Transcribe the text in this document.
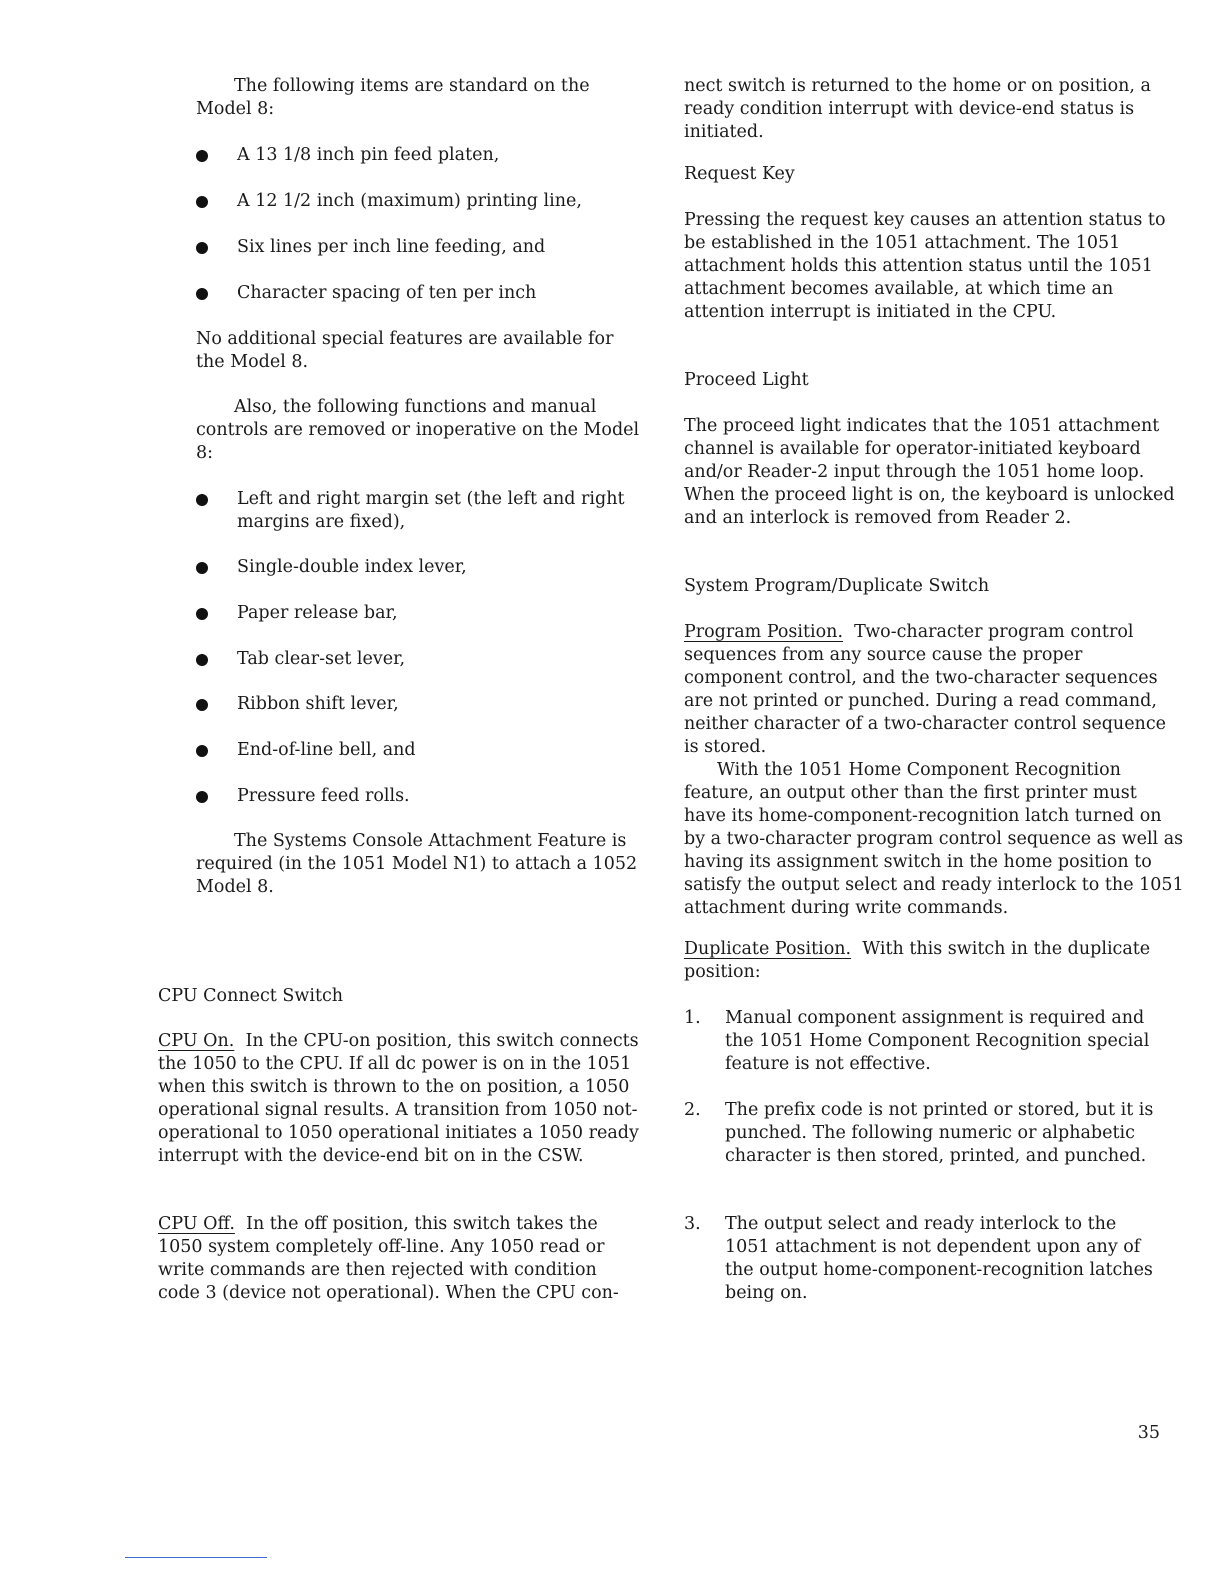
The following items are standard on the Model 8:

A 13 1/8 inch pin feed platen,
A 12 1/2 inch (maximum) printing line,
Six lines per inch line feeding, and
Character spacing of ten per inch

No additional special features are available for the Model 8.

Also, the following functions and manual controls are removed or inoperative on the Model 8:

Left and right margin set (the left and right margins are fixed),
Single-double index lever,
Paper release bar,
Tab clear-set lever,
Ribbon shift lever,
End-of-line bell, and
Pressure feed rolls.

The Systems Console Attachment Feature is required (in the 1051 Model N1) to attach a 1052 Model 8.

CPU Connect Switch

CPU On. In the CPU-on position, this switch connects the 1050 to the CPU. If all dc power is on in the 1051 when this switch is thrown to the on position, a 1050 operational signal results. A transition from 1050 not-operational to 1050 operational initiates a 1050 ready interrupt with the device-end bit on in the CSW.

CPU Off. In the off position, this switch takes the 1050 system completely off-line. Any 1050 read or write commands are then rejected with condition code 3 (device not operational). When the CPU con-

nect switch is returned to the home or on position, a ready condition interrupt with device-end status is initiated.

Request Key

Pressing the request key causes an attention status to be established in the 1051 attachment. The 1051 attachment holds this attention status until the 1051 attachment becomes available, at which time an attention interrupt is initiated in the CPU.

Proceed Light

The proceed light indicates that the 1051 attachment channel is available for operator-initiated keyboard and/or Reader-2 input through the 1051 home loop. When the proceed light is on, the keyboard is unlocked and an interlock is removed from Reader 2.

System Program/Duplicate Switch

Program Position. Two-character program control sequences from any source cause the proper component control, and the two-character sequences are not printed or punched. During a read command, neither character of a two-character control sequence is stored.

With the 1051 Home Component Recognition feature, an output other than the first printer must have its home-component-recognition latch turned on by a two-character program control sequence as well as having its assignment switch in the home position to satisfy the output select and ready interlock to the 1051 attachment during write commands.

Duplicate Position. With this switch in the duplicate position:

1. Manual component assignment is required and the 1051 Home Component Recognition special feature is not effective.
2. The prefix code is not printed or stored, but it is punched. The following numeric or alphabetic character is then stored, printed, and punched.
3. The output select and ready interlock to the 1051 attachment is not dependent upon any of the output home-component-recognition latches being on.

35
